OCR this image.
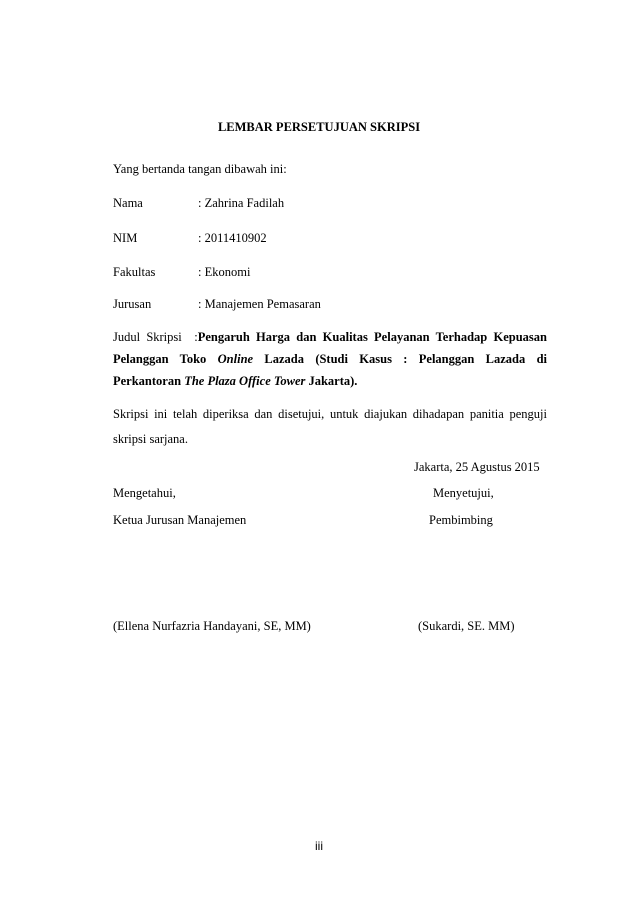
LEMBAR PERSETUJUAN SKRIPSI
Yang bertanda tangan dibawah ini:
Nama	: Zahrina Fadilah
NIM	: 2011410902
Fakultas	: Ekonomi
Jurusan	: Manajemen Pemasaran
Judul Skripsi :Pengaruh Harga dan Kualitas Pelayanan Terhadap Kepuasan
Pelanggan Toko Online Lazada (Studi Kasus : Pelanggan Lazada di
Perkantoran The Plaza Office Tower Jakarta).
Skripsi ini telah diperiksa dan disetujui, untuk diajukan dihadapan panitia penguji
skripsi sarjana.
Jakarta, 25 Agustus 2015
Mengetahui,	Menyetujui,
Ketua Jurusan Manajemen	Pembimbing
(Ellena Nurfazria Handayani, SE, MM)	(Sukardi, SE. MM)
iii
